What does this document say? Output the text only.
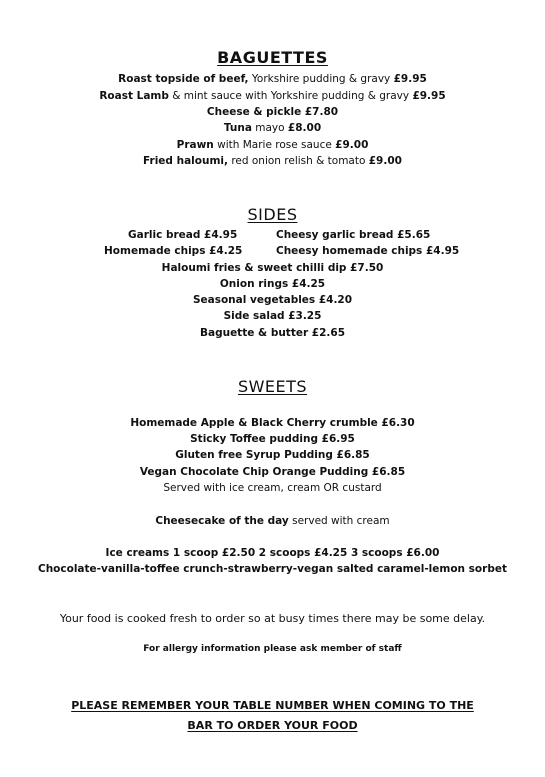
BAGUETTES
Roast topside of beef, Yorkshire pudding & gravy £9.95
Roast Lamb & mint sauce with Yorkshire pudding & gravy £9.95
Cheese & pickle £7.80
Tuna mayo £8.00
Prawn with Marie rose sauce £9.00
Fried haloumi, red onion relish & tomato £9.00
SIDES
Garlic bread £4.95	Cheesy garlic bread £5.65
Homemade chips £4.25	Cheesy homemade chips £4.95
Haloumi fries & sweet chilli dip £7.50
Onion rings £4.25
Seasonal vegetables £4.20
Side salad £3.25
Baguette & butter £2.65
SWEETS
Homemade Apple & Black Cherry crumble £6.30
Sticky Toffee pudding £6.95
Gluten free Syrup Pudding £6.85
Vegan Chocolate Chip Orange Pudding £6.85
Served with ice cream, cream OR custard
Cheesecake of the day served with cream
Ice creams 1 scoop £2.50 2 scoops £4.25 3 scoops £6.00
Chocolate-vanilla-toffee crunch-strawberry-vegan salted caramel-lemon sorbet
Your food is cooked fresh to order so at busy times there may be some delay.
For allergy information please ask member of staff
PLEASE REMEMBER YOUR TABLE NUMBER WHEN COMING TO THE
BAR TO ORDER YOUR FOOD
